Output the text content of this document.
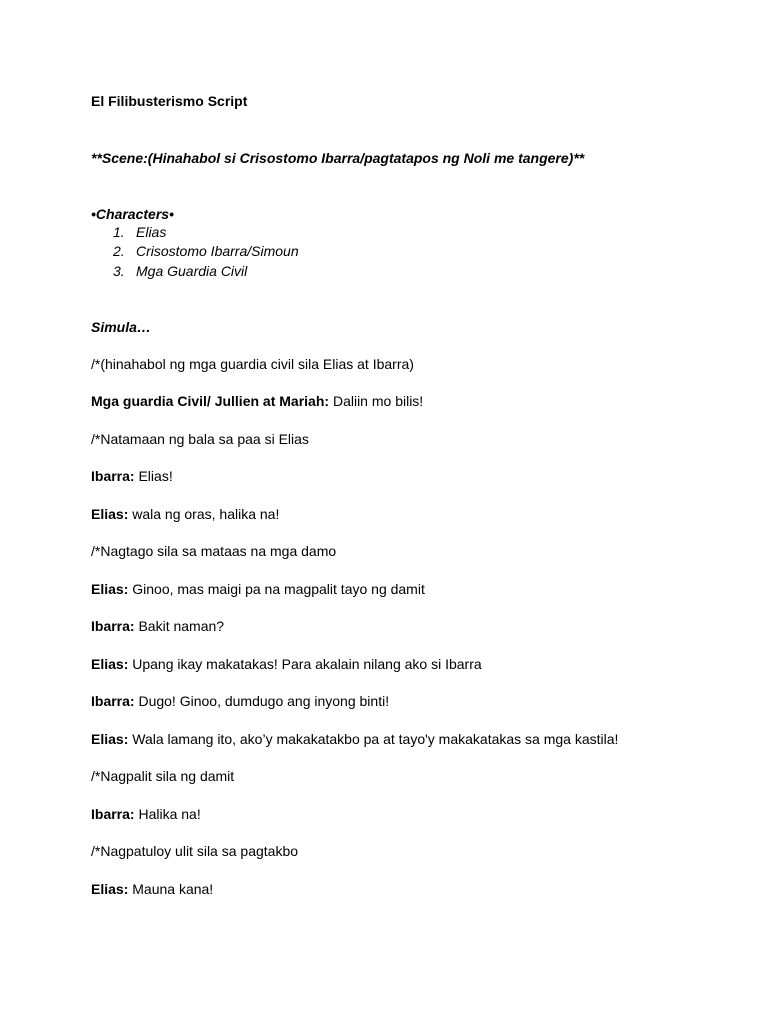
El Filibusterismo Script
**Scene:(Hinahabol si Crisostomo Ibarra/pagtatapos ng Noli me tangere)**
•Characters•
1. Elias
2. Crisostomo Ibarra/Simoun
3. Mga Guardia Civil
Simula…
/*(hinahabol ng mga guardia civil sila Elias at Ibarra)
Mga guardia Civil/ Jullien at Mariah: Daliin mo bilis!
/*Natamaan ng bala sa paa si Elias
Ibarra: Elias!
Elias: wala ng oras, halika na!
/*Nagtago sila sa mataas na mga damo
Elias: Ginoo, mas maigi pa na magpalit tayo ng damit
Ibarra: Bakit naman?
Elias: Upang ikay makatakas! Para akalain nilang ako si Ibarra
Ibarra: Dugo! Ginoo, dumdugo ang inyong binti!
Elias: Wala lamang ito, ako’y makakatakbo pa at tayo'y makakatakas sa mga kastila!
/*Nagpalit sila ng damit
Ibarra: Halika na!
/*Nagpatuloy ulit sila sa pagtakbo
Elias: Mauna kana!
